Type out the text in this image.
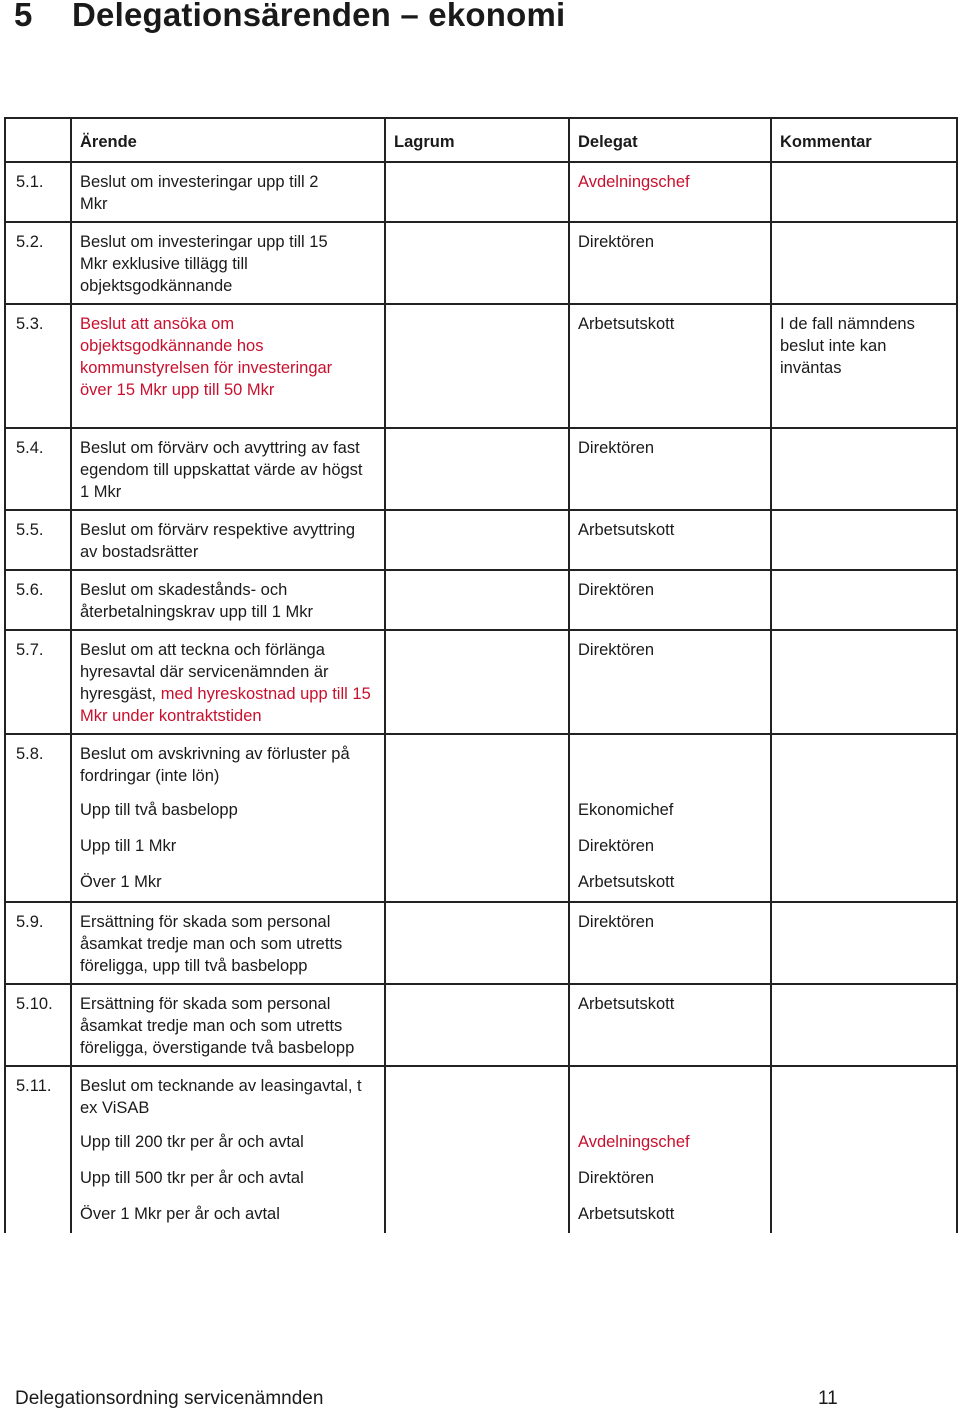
5 Delegationsärenden – ekonomi
	Ärende	Lagrum	Delegat	Kommentar
5.1.	Beslut om investeringar upp till 2 Mkr		Avdelningschef	
5.2.	Beslut om investeringar upp till 15 Mkr exklusive tillägg till objektsgodkännande		Direktören	
5.3.	Beslut att ansöka om objektsgodkännande hos kommunstyrelsen för investeringar över 15 Mkr upp till 50 Mkr		Arbetsutskott	I de fall nämndens beslut inte kan inväntas
5.4.	Beslut om förvärv och avyttring av fast egendom till uppskattat värde av högst 1 Mkr		Direktören	
5.5.	Beslut om förvärv respektive avyttring av bostadsrätter		Arbetsutskott	
5.6.	Beslut om skadestånds- och återbetalningskrav upp till 1 Mkr		Direktören	
5.7.	Beslut om att teckna och förlänga hyresavtal där servicenämnden är hyresgäst, med hyreskostnad upp till 15 Mkr under kontraktstiden		Direktören	
5.8.	Beslut om avskrivning av förluster på fordringar (inte lön)			
	Upp till två basbelopp		Ekonomichef	
	Upp till 1 Mkr		Direktören	
	Över 1 Mkr		Arbetsutskott	
5.9.	Ersättning för skada som personal åsamkat tredje man och som utretts föreligga, upp till två basbelopp		Direktören	
5.10.	Ersättning för skada som personal åsamkat tredje man och som utretts föreligga, överstigande två basbelopp		Arbetsutskott	
5.11.	Beslut om tecknande av leasingavtal, t ex ViSAB			
	Upp till 200 tkr per år och avtal		Avdelningschef	
	Upp till 500 tkr per år och avtal		Direktören	
	Över 1 Mkr per år och avtal		Arbetsutskott	
Delegationsordning servicenämnden	11
